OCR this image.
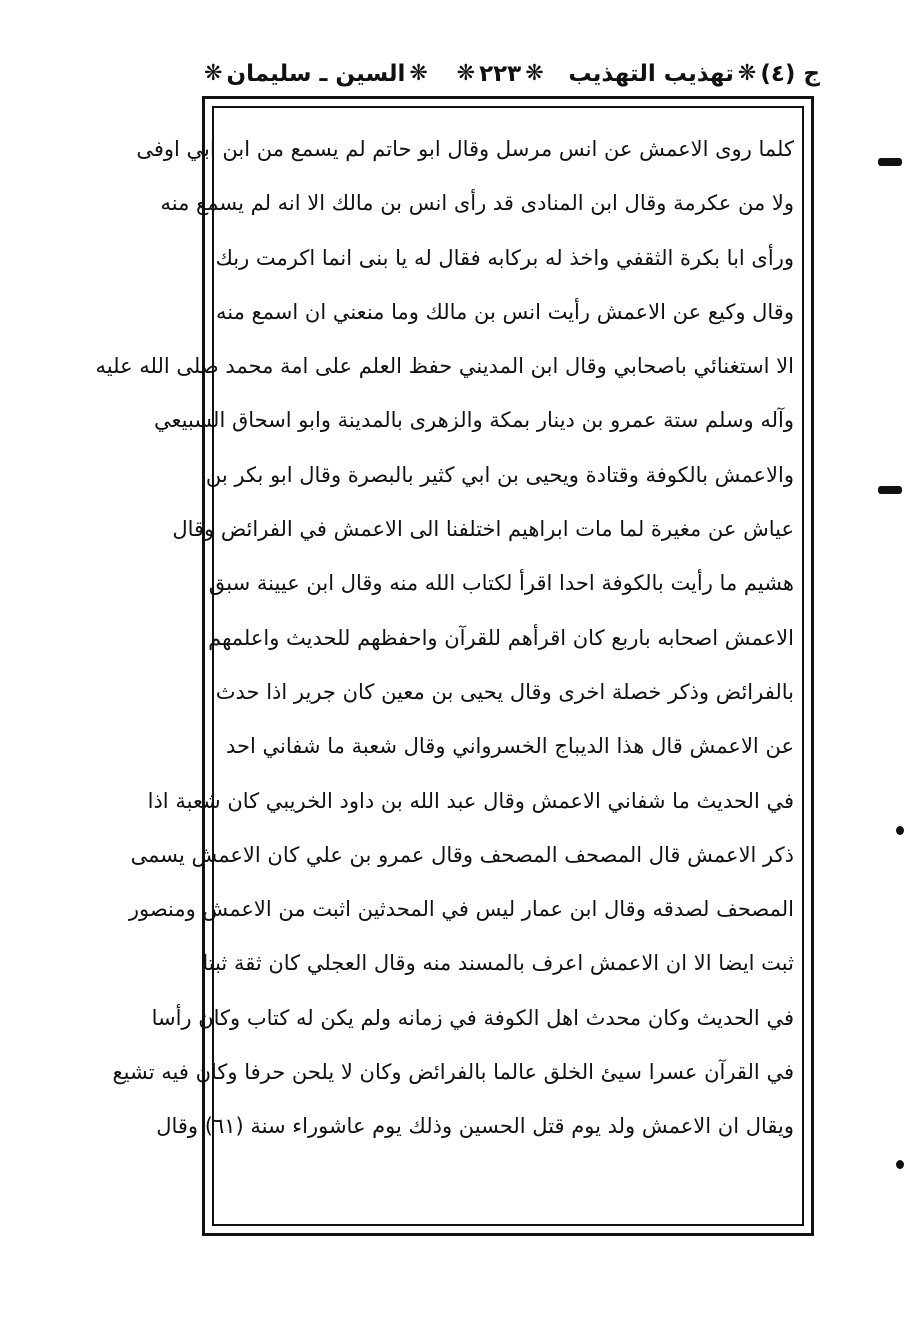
ج (٤)
❋
تهذيب التهذيب
❋
٢٢٣
❋
❋
السين ـ سليمان
❋
كلما روى الاعمش عن انس مرسل وقال ابو حاتم لم يسمع من ابن ابي اوفى
ولا من عكرمة وقال ابن المنادى قد رأى انس بن مالك الا انه لم يسمع منه
ورأى ابا بكرة الثقفي واخذ له بركابه فقال له يا بنى انما اكرمت ربك
وقال وكيع عن الاعمش رأيت انس بن مالك وما منعني ان اسمع منه
الا استغنائي باصحابي وقال ابن المديني حفظ العلم على امة محمد صلى الله عليه
وآله وسلم ستة عمرو بن دينار بمكة والزهرى بالمدينة وابو اسحاق السبيعي
والاعمش بالكوفة وقتادة ويحيى بن ابي كثير بالبصرة وقال ابو بكر بن
عياش عن مغيرة لما مات ابراهيم اختلفنا الى الاعمش في الفرائض وقال
هشيم ما رأيت بالكوفة احدا اقرأ لكتاب الله منه وقال ابن عيينة سبق
الاعمش اصحابه باربع كان اقرأهم للقرآن واحفظهم للحديث واعلمهم
بالفرائض وذكر خصلة اخرى وقال يحيى بن معين كان جرير اذا حدث
عن الاعمش قال هذا الديباج الخسرواني وقال شعبة ما شفاني احد
في الحديث ما شفاني الاعمش وقال عبد الله بن داود الخريبي كان شعبة اذا
ذكر الاعمش قال المصحف المصحف وقال عمرو بن علي كان الاعمش يسمى
المصحف لصدقه وقال ابن عمار ليس في المحدثين اثبت من الاعمش ومنصور
ثبت ايضا الا ان الاعمش اعرف بالمسند منه وقال العجلي كان ثقة ثبتا
في الحديث وكان محدث اهل الكوفة في زمانه ولم يكن له كتاب وكان رأسا
في القرآن عسرا سيئ الخلق عالما بالفرائض وكان لا يلحن حرفا وكان فيه تشيع
ويقال ان الاعمش ولد يوم قتل الحسين وذلك يوم عاشوراء سنة (٦١) وقال
